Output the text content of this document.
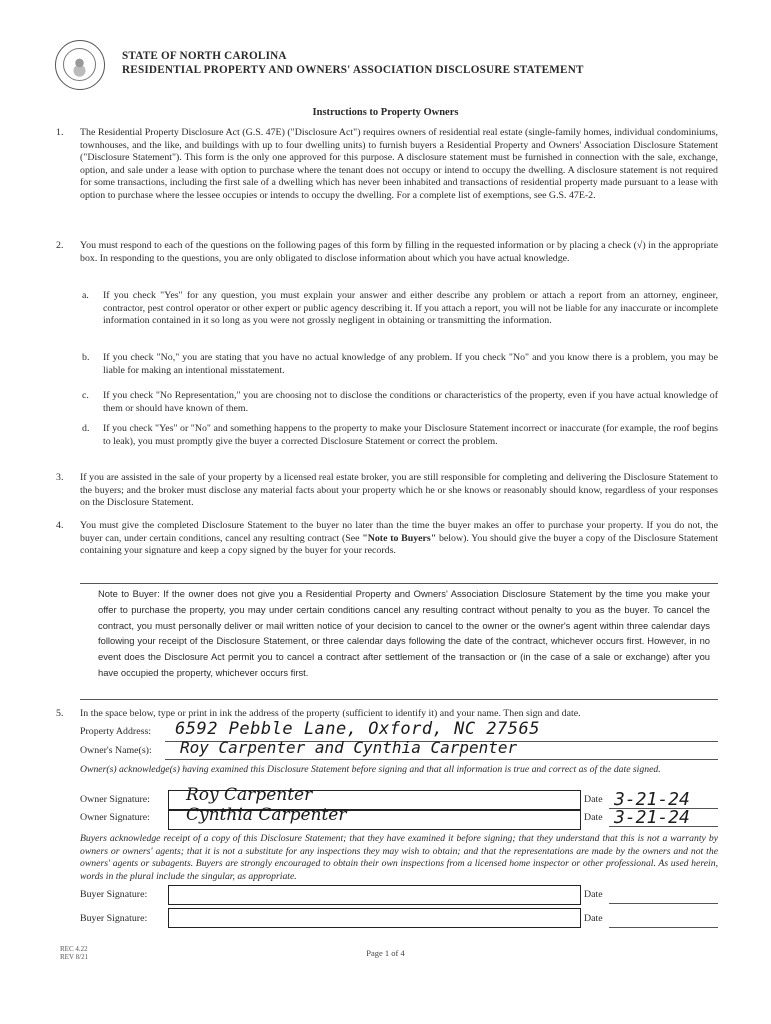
STATE OF NORTH CAROLINA
RESIDENTIAL PROPERTY AND OWNERS' ASSOCIATION DISCLOSURE STATEMENT
Instructions to Property Owners
1. The Residential Property Disclosure Act (G.S. 47E) ("Disclosure Act") requires owners of residential real estate (single-family homes, individual condominiums, townhouses, and the like, and buildings with up to four dwelling units) to furnish buyers a Residential Property and Owners' Association Disclosure Statement ("Disclosure Statement"). This form is the only one approved for this purpose. A disclosure statement must be furnished in connection with the sale, exchange, option, and sale under a lease with option to purchase where the tenant does not occupy or intend to occupy the dwelling. A disclosure statement is not required for some transactions, including the first sale of a dwelling which has never been inhabited and transactions of residential property made pursuant to a lease with option to purchase where the lessee occupies or intends to occupy the dwelling. For a complete list of exemptions, see G.S. 47E-2.
2. You must respond to each of the questions on the following pages of this form by filling in the requested information or by placing a check (√) in the appropriate box. In responding to the questions, you are only obligated to disclose information about which you have actual knowledge.
a. If you check "Yes" for any question, you must explain your answer and either describe any problem or attach a report from an attorney, engineer, contractor, pest control operator or other expert or public agency describing it. If you attach a report, you will not be liable for any inaccurate or incomplete information contained in it so long as you were not grossly negligent in obtaining or transmitting the information.
b. If you check "No," you are stating that you have no actual knowledge of any problem. If you check "No" and you know there is a problem, you may be liable for making an intentional misstatement.
c. If you check "No Representation," you are choosing not to disclose the conditions or characteristics of the property, even if you have actual knowledge of them or should have known of them.
d. If you check "Yes" or "No" and something happens to the property to make your Disclosure Statement incorrect or inaccurate (for example, the roof begins to leak), you must promptly give the buyer a corrected Disclosure Statement or correct the problem.
3. If you are assisted in the sale of your property by a licensed real estate broker, you are still responsible for completing and delivering the Disclosure Statement to the buyers; and the broker must disclose any material facts about your property which he or she knows or reasonably should know, regardless of your responses on the Disclosure Statement.
4. You must give the completed Disclosure Statement to the buyer no later than the time the buyer makes an offer to purchase your property. If you do not, the buyer can, under certain conditions, cancel any resulting contract (See "Note to Buyers" below). You should give the buyer a copy of the Disclosure Statement containing your signature and keep a copy signed by the buyer for your records.
Note to Buyer: If the owner does not give you a Residential Property and Owners' Association Disclosure Statement by the time you make your offer to purchase the property, you may under certain conditions cancel any resulting contract without penalty to you as the buyer. To cancel the contract, you must personally deliver or mail written notice of your decision to cancel to the owner or the owner's agent within three calendar days following your receipt of the Disclosure Statement, or three calendar days following the date of the contract, whichever occurs first. However, in no event does the Disclosure Act permit you to cancel a contract after settlement of the transaction or (in the case of a sale or exchange) after you have occupied the property, whichever occurs first.
5. In the space below, type or print in ink the address of the property (sufficient to identify it) and your name. Then sign and date.
Property Address: 6592 Pebble Lane, Oxford, NC 27565
Owner's Name(s): Roy Carpenter and Cynthia Carpenter
Owner(s) acknowledge(s) having examined this Disclosure Statement before signing and that all information is true and correct as of the date signed.
Owner Signature: Roy Carpenter	Date 3-21-24
Owner Signature: Cynthia Carpenter	Date 3-21-24
Buyers acknowledge receipt of a copy of this Disclosure Statement; that they have examined it before signing; that they understand that this is not a warranty by owners or owners' agents; that it is not a substitute for any inspections they may wish to obtain; and that the representations are made by the owners and not the owners' agents or subagents. Buyers are strongly encouraged to obtain their own inspections from a licensed home inspector or other professional. As used herein, words in the plural include the singular, as appropriate.
Buyer Signature:	Date
Buyer Signature:	Date
REC 4.22
REV 8/21	Page 1 of 4
